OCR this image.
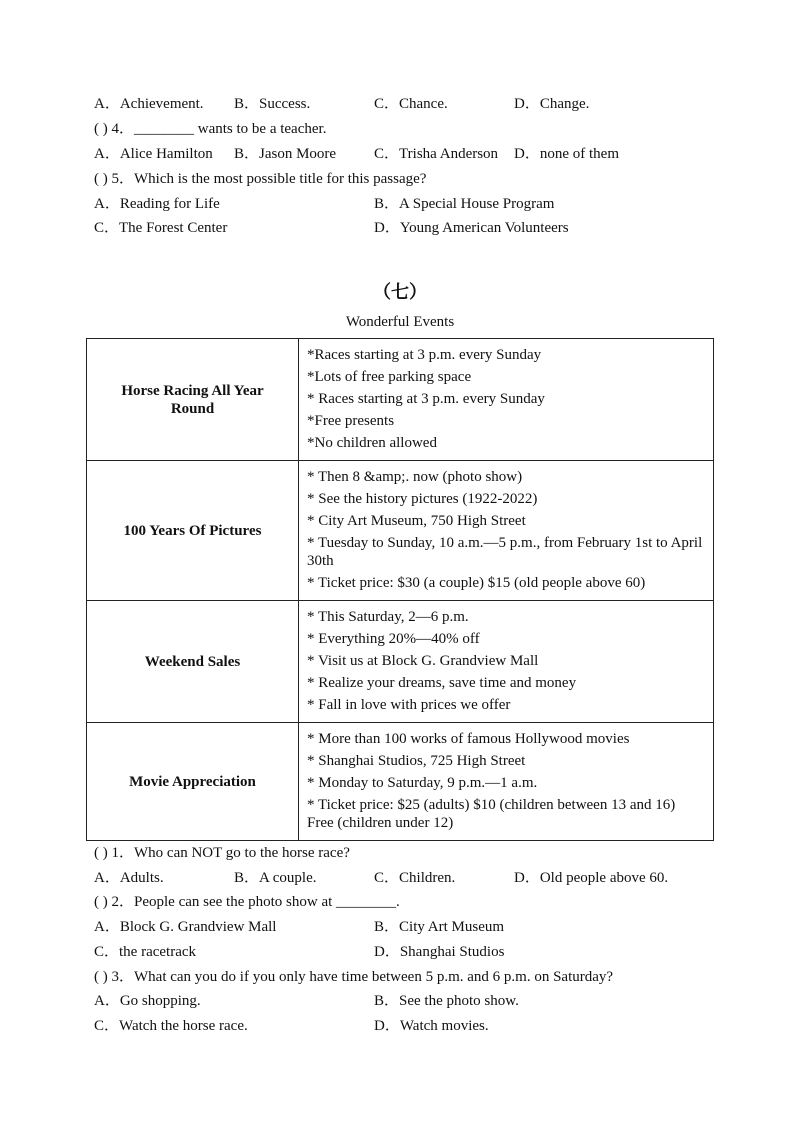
A．Achievement. B．Success.	C．Chance.	D．Change.
( ) 4．________ wants to be a teacher.
A．Alice Hamilton B．Jason Moore	C．Trisha Anderson D．none of them
( ) 5．Which is the most possible title for this passage?
A．Reading for Life	B．A Special House Program
C．The Forest Center	D．Young American Volunteers
（七）
Wonderful Events
Horse Racing All Year Round	*Races starting at 3 p.m. every Sunday
*Lots of free parking space
* Races starting at 3 p.m. every Sunday
*Free presents
*No children allowed

100 Years Of Pictures	* Then 8 &amp;. now (photo show)
* See the history pictures (1922-2022)
* City Art Museum, 750 High Street
* Tuesday to Sunday, 10 a.m.—5 p.m., from February 1st to April 30th
* Ticket price: $30 (a couple) $15 (old people above 60)

Weekend Sales	* This Saturday, 2—6 p.m.
* Everything 20%—40% off
* Visit us at Block G. Grandview Mall
* Realize your dreams, save time and money
* Fall in love with prices we offer

Movie Appreciation	* More than 100 works of famous Hollywood movies
* Shanghai Studios, 725 High Street
* Monday to Saturday, 9 p.m.—1 a.m.
* Ticket price: $25 (adults) $10 (children between 13 and 16) Free (children under 12)
( ) 1．Who can NOT go to the horse race?
A．Adults.	B．A couple.	C．Children.	D．Old people above 60.
( ) 2．People can see the photo show at ________.
A．Block G. Grandview Mall	B．City Art Museum
C．the racetrack	D．Shanghai Studios
( ) 3．What can you do if you only have time between 5 p.m. and 6 p.m. on Saturday?
A．Go shopping.	B．See the photo show.
C．Watch the horse race.	D．Watch movies.
